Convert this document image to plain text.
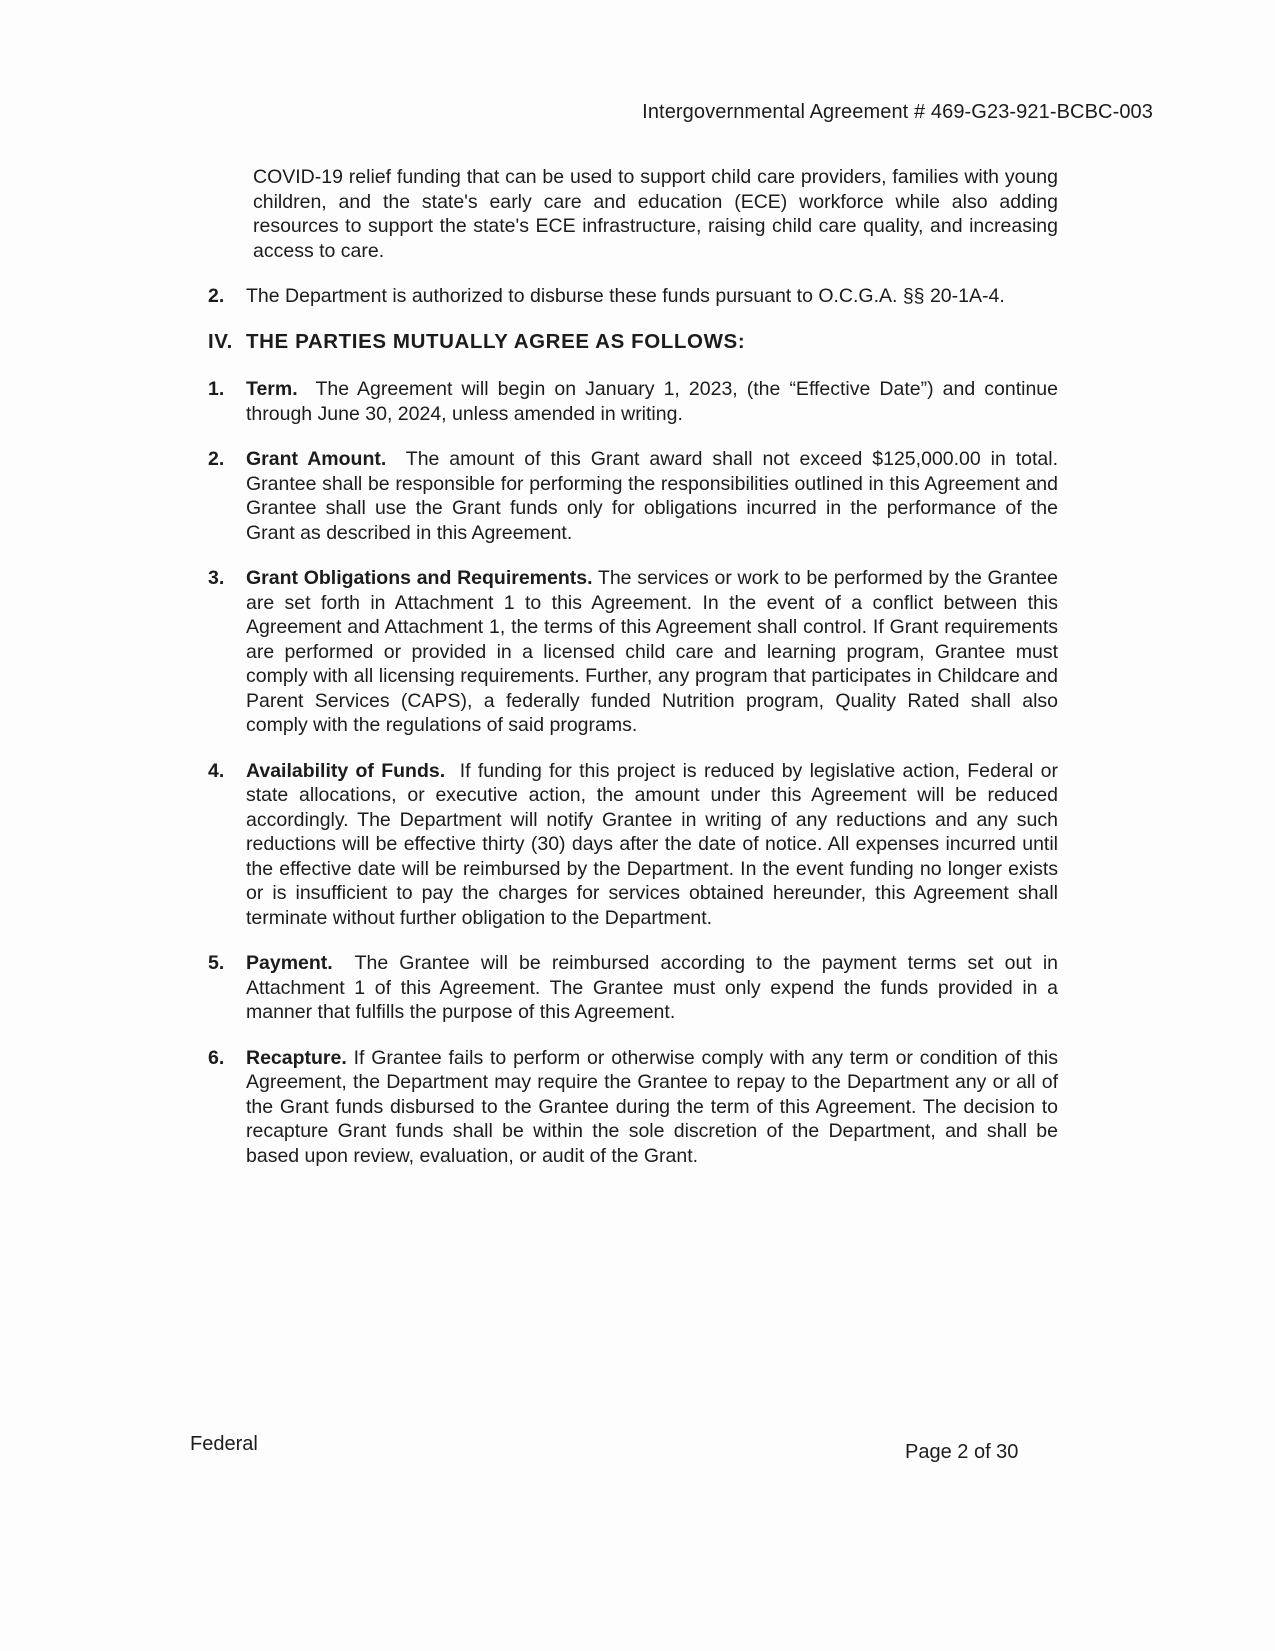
Intergovernmental Agreement # 469-G23-921-BCBC-003
COVID-19 relief funding that can be used to support child care providers, families with young children, and the state's early care and education (ECE) workforce while also adding resources to support the state's ECE infrastructure, raising child care quality, and increasing access to care.
2.	The Department is authorized to disburse these funds pursuant to O.C.G.A. §§ 20-1A-4.
IV. THE PARTIES MUTUALLY AGREE AS FOLLOWS:
1.	Term. The Agreement will begin on January 1, 2023, (the “Effective Date”) and continue through June 30, 2024, unless amended in writing.
2.	Grant Amount. The amount of this Grant award shall not exceed $125,000.00 in total. Grantee shall be responsible for performing the responsibilities outlined in this Agreement and Grantee shall use the Grant funds only for obligations incurred in the performance of the Grant as described in this Agreement.
3.	Grant Obligations and Requirements. The services or work to be performed by the Grantee are set forth in Attachment 1 to this Agreement. In the event of a conflict between this Agreement and Attachment 1, the terms of this Agreement shall control. If Grant requirements are performed or provided in a licensed child care and learning program, Grantee must comply with all licensing requirements. Further, any program that participates in Childcare and Parent Services (CAPS), a federally funded Nutrition program, Quality Rated shall also comply with the regulations of said programs.
4.	Availability of Funds. If funding for this project is reduced by legislative action, Federal or state allocations, or executive action, the amount under this Agreement will be reduced accordingly. The Department will notify Grantee in writing of any reductions and any such reductions will be effective thirty (30) days after the date of notice. All expenses incurred until the effective date will be reimbursed by the Department. In the event funding no longer exists or is insufficient to pay the charges for services obtained hereunder, this Agreement shall terminate without further obligation to the Department.
5.	Payment. The Grantee will be reimbursed according to the payment terms set out in Attachment 1 of this Agreement. The Grantee must only expend the funds provided in a manner that fulfills the purpose of this Agreement.
6.	Recapture. If Grantee fails to perform or otherwise comply with any term or condition of this Agreement, the Department may require the Grantee to repay to the Department any or all of the Grant funds disbursed to the Grantee during the term of this Agreement. The decision to recapture Grant funds shall be within the sole discretion of the Department, and shall be based upon review, evaluation, or audit of the Grant.
Federal	Page 2 of 30
